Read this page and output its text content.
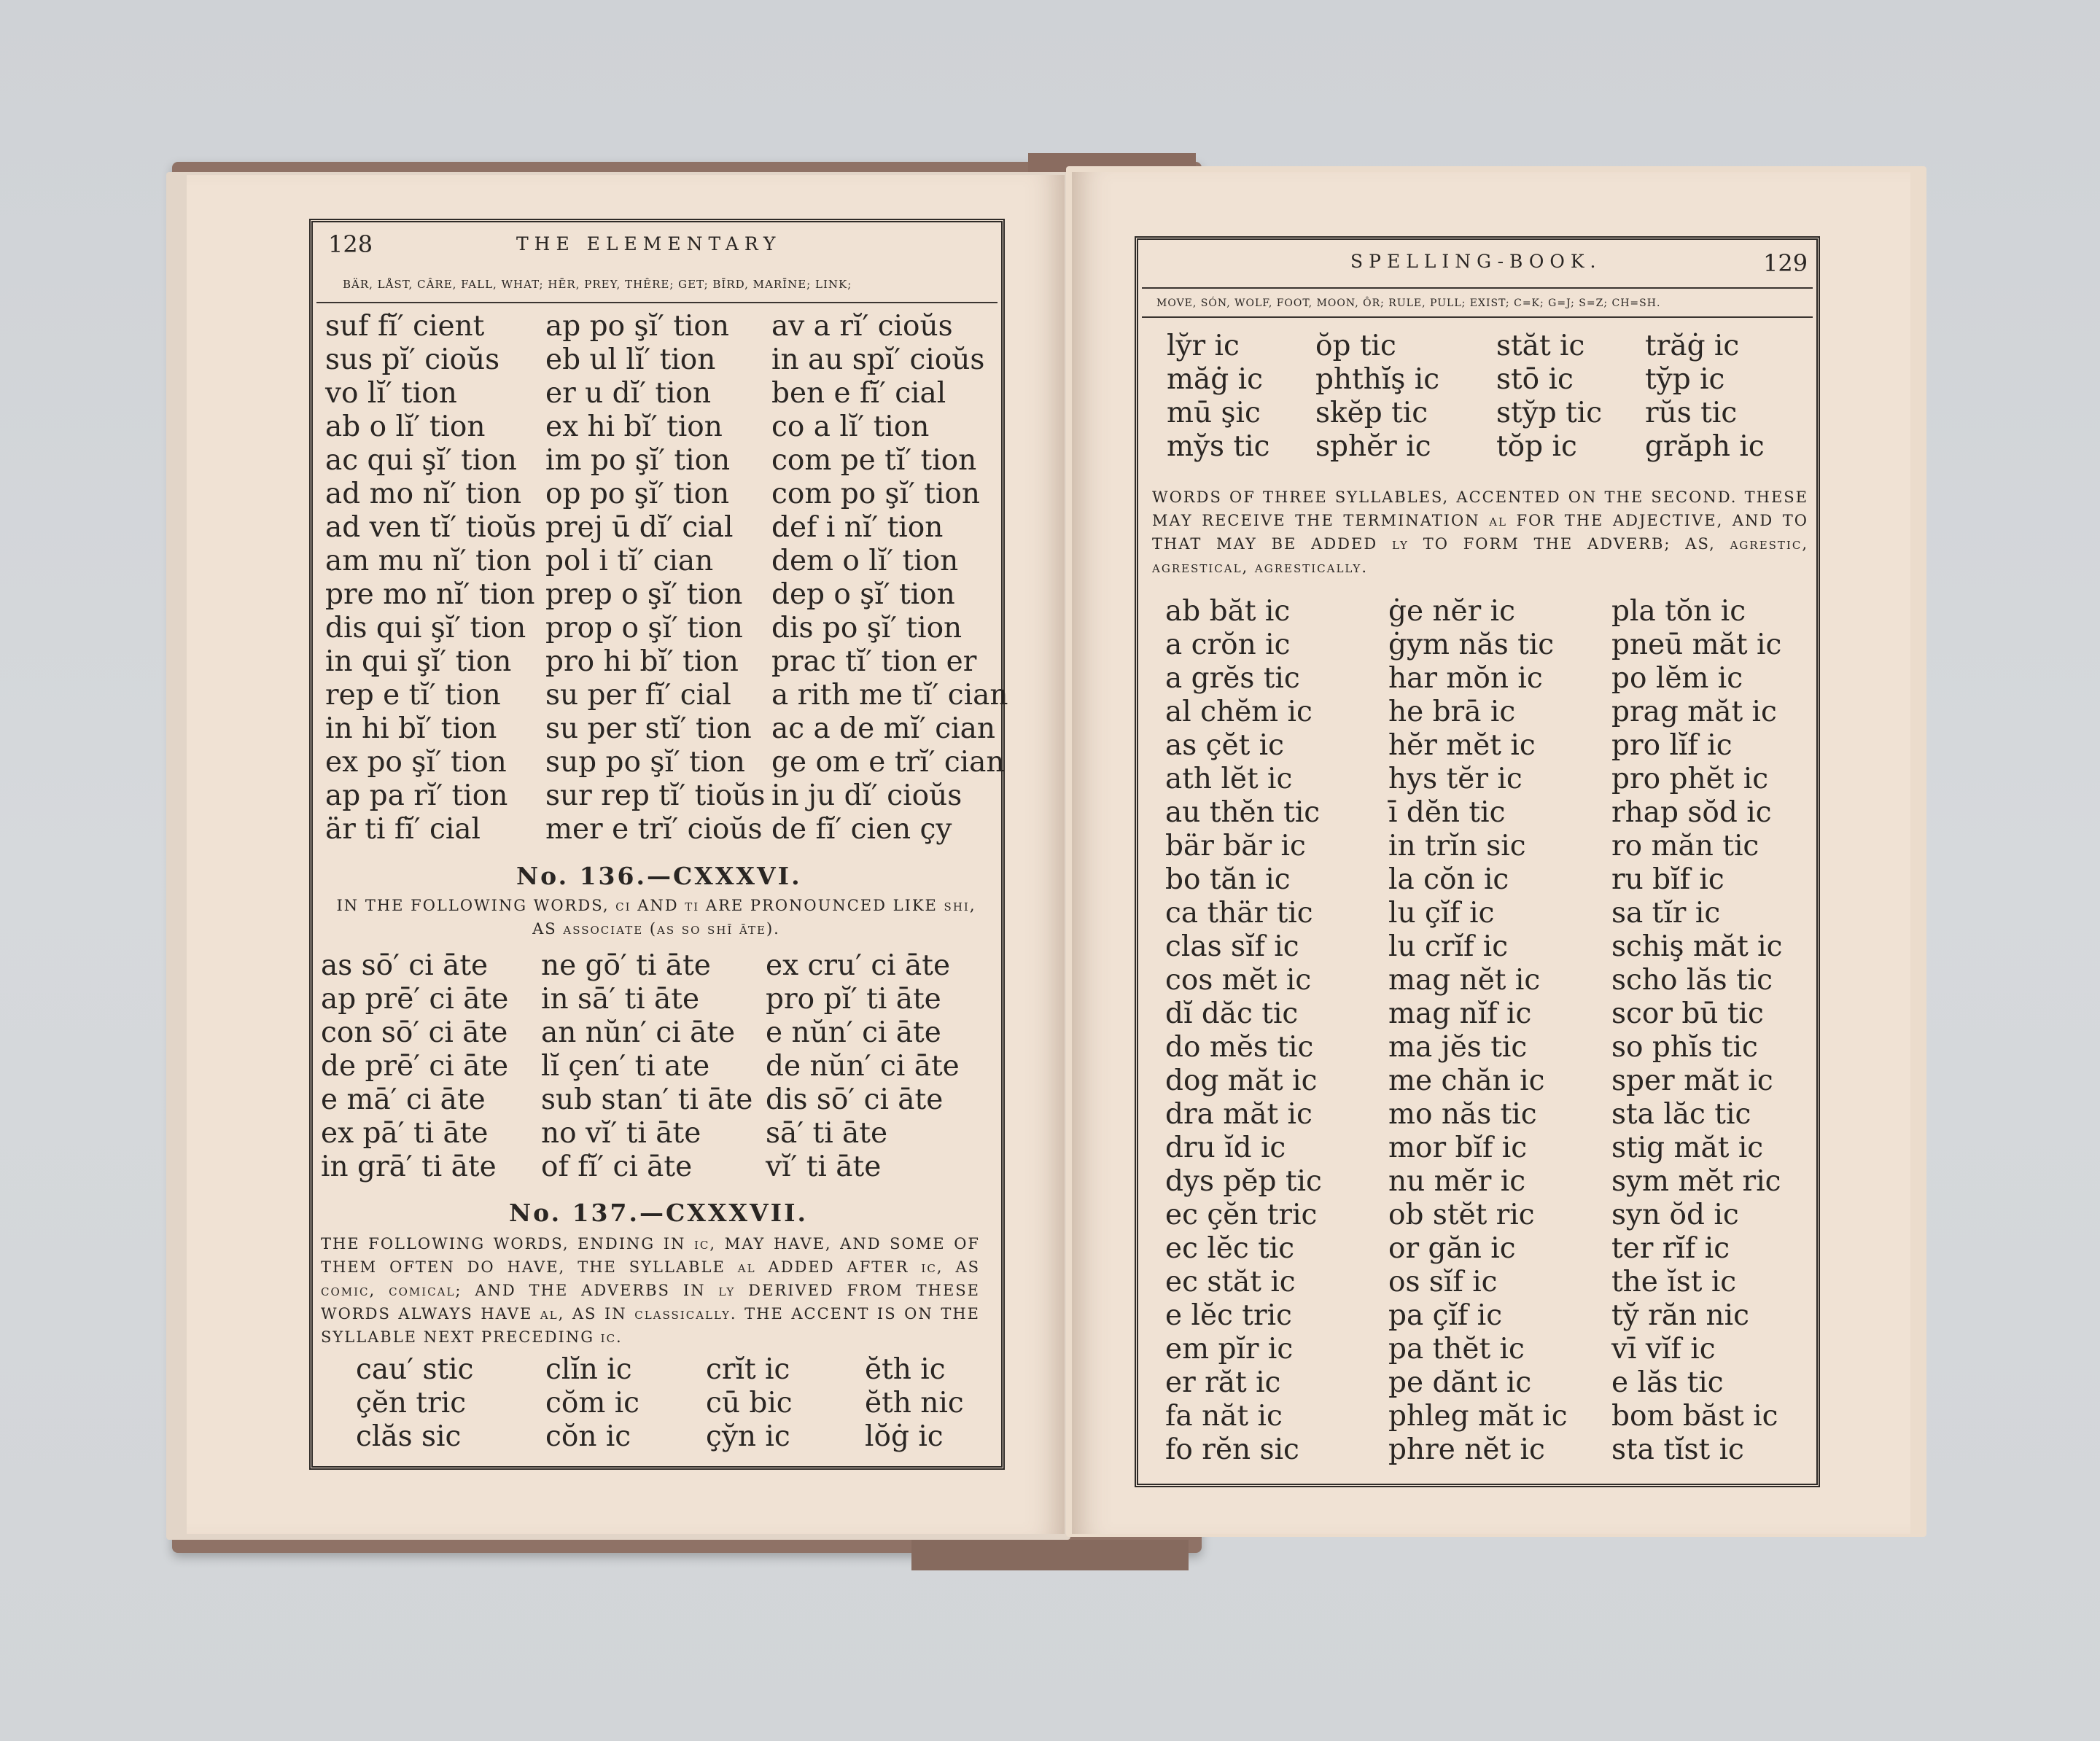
128	THE ELEMENTARY
BÄR, LÅST, CÂRE, FALL, WHAT; HĒR, PREY, THÊRE; GET; BĪRD, MARĪNE; LINK;
suf fĭ′ cient
sus pĭ′ cioŭs
vo lĭ′ tion
ab o lĭ′ tion
ac qui şĭ′ tion
ad mo nĭ′ tion
ad ven tĭ′ tioŭs
am mu nĭ′ tion
pre mo nĭ′ tion
dis qui şĭ′ tion
in qui şĭ′ tion
rep e tĭ′ tion
in hi bĭ′ tion
ex po şĭ′ tion
ap pa rĭ′ tion
är ti fĭ′ cial
ap po şĭ′ tion
eb ul lĭ′ tion
er u dĭ′ tion
ex hi bĭ′ tion
im po şĭ′ tion
op po şĭ′ tion
prej ū dĭ′ cial
pol i tĭ′ cian
prep o şĭ′ tion
prop o şĭ′ tion
pro hi bĭ′ tion
su per fĭ′ cial
su per stĭ′ tion
sup po şĭ′ tion
sur rep tĭ′ tioŭs
mer e trĭ′ cioŭs
av a rĭ′ cioŭs
in au spĭ′ cioŭs
ben e fĭ′ cial
co a lĭ′ tion
com pe tĭ′ tion
com po şĭ′ tion
def i nĭ′ tion
dem o lĭ′ tion
dep o şĭ′ tion
dis po şĭ′ tion
prac tĭ′ tion er
a rith me tĭ′ cian
ac a de mĭ′ cian
ge om e trĭ′ cian
in ju dĭ′ cioŭs
de fĭ′ cien çy
No. 136.—CXXXVI.
IN THE FOLLOWING WORDS, ci AND ti ARE PRONOUNCED LIKE shi, AS associate (as so shī āte).
as sō′ ci āte
ap prē′ ci āte
con sō′ ci āte
de prē′ ci āte
e mā′ ci āte
ex pā′ ti āte
in grā′ ti āte
ne gō′ ti āte
in sā′ ti āte
an nŭn′ ci āte
lĭ çen′ ti ate
sub stan′ ti āte
no vĭ′ ti āte
of fĭ′ ci āte
ex cru′ ci āte
pro pĭ′ ti āte
e nŭn′ ci āte
de nŭn′ ci āte
dis sō′ ci āte
sā′ ti āte
vĭ′ ti āte
No. 137.—CXXXVII.
THE FOLLOWING WORDS, ENDING IN ic, MAY HAVE, AND SOME OF THEM OFTEN DO HAVE, THE SYLLABLE al ADDED AFTER ic, AS comic, comical; AND THE ADVERBS IN ly DERIVED FROM THESE WORDS ALWAYS HAVE al, AS IN classically. THE ACCENT IS ON THE SYLLABLE NEXT PRECEDING ic.
cau′ stic
çĕn tric
clăs sic
clĭn ic
cŏm ic
cŏn ic
crĭt ic
cū bic
çy̆n ic
ĕth ic
ĕth nic
lŏġ ic
SPELLING-BOOK.	129
MOVE, SÓN, WOLF, FOOT, MOON, ÔR; RULE, PULL; EXIST; C=K; G=J; S=Z; CH=SH.
ly̆r ic
măġ ic
mū şic
my̆s tic
ŏp tic
phthĭş ic
skĕp tic
sphĕr ic
stăt ic
stō ic
sty̆p tic
tŏp ic
trăġ ic
ty̆p ic
rŭs tic
grăph ic
WORDS OF THREE SYLLABLES, ACCENTED ON THE SECOND. THESE MAY RECEIVE THE TERMINATION al FOR THE ADJECTIVE, AND TO THAT MAY BE ADDED ly TO FORM THE ADVERB; AS, agrestic, agrestical, agrestically.
ab băt ic
a crŏn ic
a grĕs tic
al chĕm ic
as çĕt ic
ath lĕt ic
au thĕn tic
bär băr ic
bo tăn ic
ca thär tic
clas sĭf ic
cos mĕt ic
dĭ dăc tic
do mĕs tic
dog măt ic
dra măt ic
dru ĭd ic
dys pĕp tic
ec çĕn tric
ec lĕc tic
ec stăt ic
e lĕc tric
em pĭr ic
er răt ic
fa năt ic
fo rĕn sic
ġe nĕr ic
ġym năs tic
har mŏn ic
he brā ic
hĕr mĕt ic
hys tĕr ic
ī dĕn tic
in trĭn sic
la cŏn ic
lu çĭf ic
lu crĭf ic
mag nĕt ic
mag nĭf ic
ma jĕs tic
me chăn ic
mo năs tic
mor bĭf ic
nu mĕr ic
ob stĕt ric
or găn ic
os sĭf ic
pa çĭf ic
pa thĕt ic
pe dănt ic
phleg măt ic
phre nĕt ic
pla tŏn ic
pneū măt ic
po lĕm ic
prag măt ic
pro lĭf ic
pro phĕt ic
rhap sŏd ic
ro măn tic
ru bĭf ic
sa tĭr ic
schiş măt ic
scho lăs tic
scor bū tic
so phĭs tic
sper măt ic
sta lăc tic
stig măt ic
sym mĕt ric
syn ŏd ic
ter rĭf ic
the ĭst ic
ty̆ răn nic
vī vĭf ic
e lăs tic
bom băst ic
sta tĭst ic
